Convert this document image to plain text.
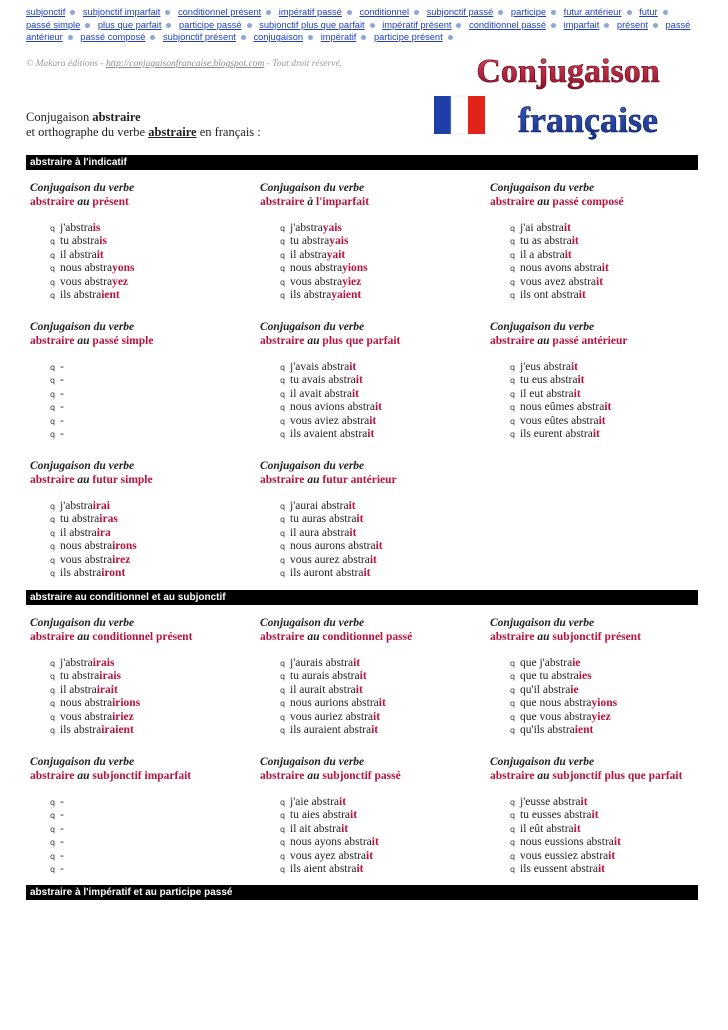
subjonctif subjonctif imparfait conditionnel présent impératif passé conditionnel subjonctif passé participe futur antérieur futur passé simple plus que parfait participe passé subjonctif plus que parfait impératif présent conditionnel passé imparfait présent passé antérieur passé composé subjonctif présent conjugaison impératif participe présent
© Makara éditions - http://conjugaisonfrancaise.blogspot.com - Tout droit réservé.	Conjugaison
française
Conjugaison abstraire
et orthographe du verbe abstraire en français :
abstraire à l'indicatif
abstraire au conditionnel et au subjonctif
abstraire à l'impératif et au participe passé
Conjugaison du verbe
abstraire au présent
q j'abstrais
q tu abstrais
q il abstrait
q nous abstrayons
q vous abstrayez
q ils abstraient
Conjugaison du verbe
abstraire à l'imparfait
q j'abstrayais
q tu abstrayais
q il abstrayait
q nous abstrayions
q vous abstrayiez
q ils abstrayaient
Conjugaison du verbe
abstraire au passé composé
q j'ai abstrait
q tu as abstrait
q il a abstrait
q nous avons abstrait
q vous avez abstrait
q ils ont abstrait
Conjugaison du verbe
abstraire au passé simple
q -
q -
q -
q -
q -
q -
Conjugaison du verbe
abstraire au plus que parfait
q j'avais abstrait
q tu avais abstrait
q il avait abstrait
q nous avions abstrait
q vous aviez abstrait
q ils avaient abstrait
Conjugaison du verbe
abstraire au passé antérieur
q j'eus abstrait
q tu eus abstrait
q il eut abstrait
q nous eûmes abstrait
q vous eûtes abstrait
q ils eurent abstrait
Conjugaison du verbe
abstraire au futur simple
q j'abstrairai
q tu abstrairas
q il abstraira
q nous abstrairons
q vous abstrairez
q ils abstrairont
Conjugaison du verbe
abstraire au futur antérieur
q j'aurai abstrait
q tu auras abstrait
q il aura abstrait
q nous aurons abstrait
q vous aurez abstrait
q ils auront abstrait
Conjugaison du verbe
abstraire au conditionnel présent
q j'abstrairais
q tu abstrairais
q il abstrairait
q nous abstrairions
q vous abstrairiez
q ils abstrairaient
Conjugaison du verbe
abstraire au conditionnel passé
q j'aurais abstrait
q tu aurais abstrait
q il aurait abstrait
q nous aurions abstrait
q vous auriez abstrait
q ils auraient abstrait
Conjugaison du verbe
abstraire au subjonctif présent
q que j'abstraie
q que tu abstraies
q qu'il abstraie
q que nous abstrayions
q que vous abstrayiez
q qu'ils abstraient
Conjugaison du verbe
abstraire au subjonctif imparfait
q -
q -
q -
q -
q -
q -
Conjugaison du verbe
abstraire au subjonctif passé
q j'aie abstrait
q tu aies abstrait
q il ait abstrait
q nous ayons abstrait
q vous ayez abstrait
q ils aient abstrait
Conjugaison du verbe
abstraire au subjonctif plus que parfait
q j'eusse abstrait
q tu eusses abstrait
q il eût abstrait
q nous eussions abstrait
q vous eussiez abstrait
q ils eussent abstrait
